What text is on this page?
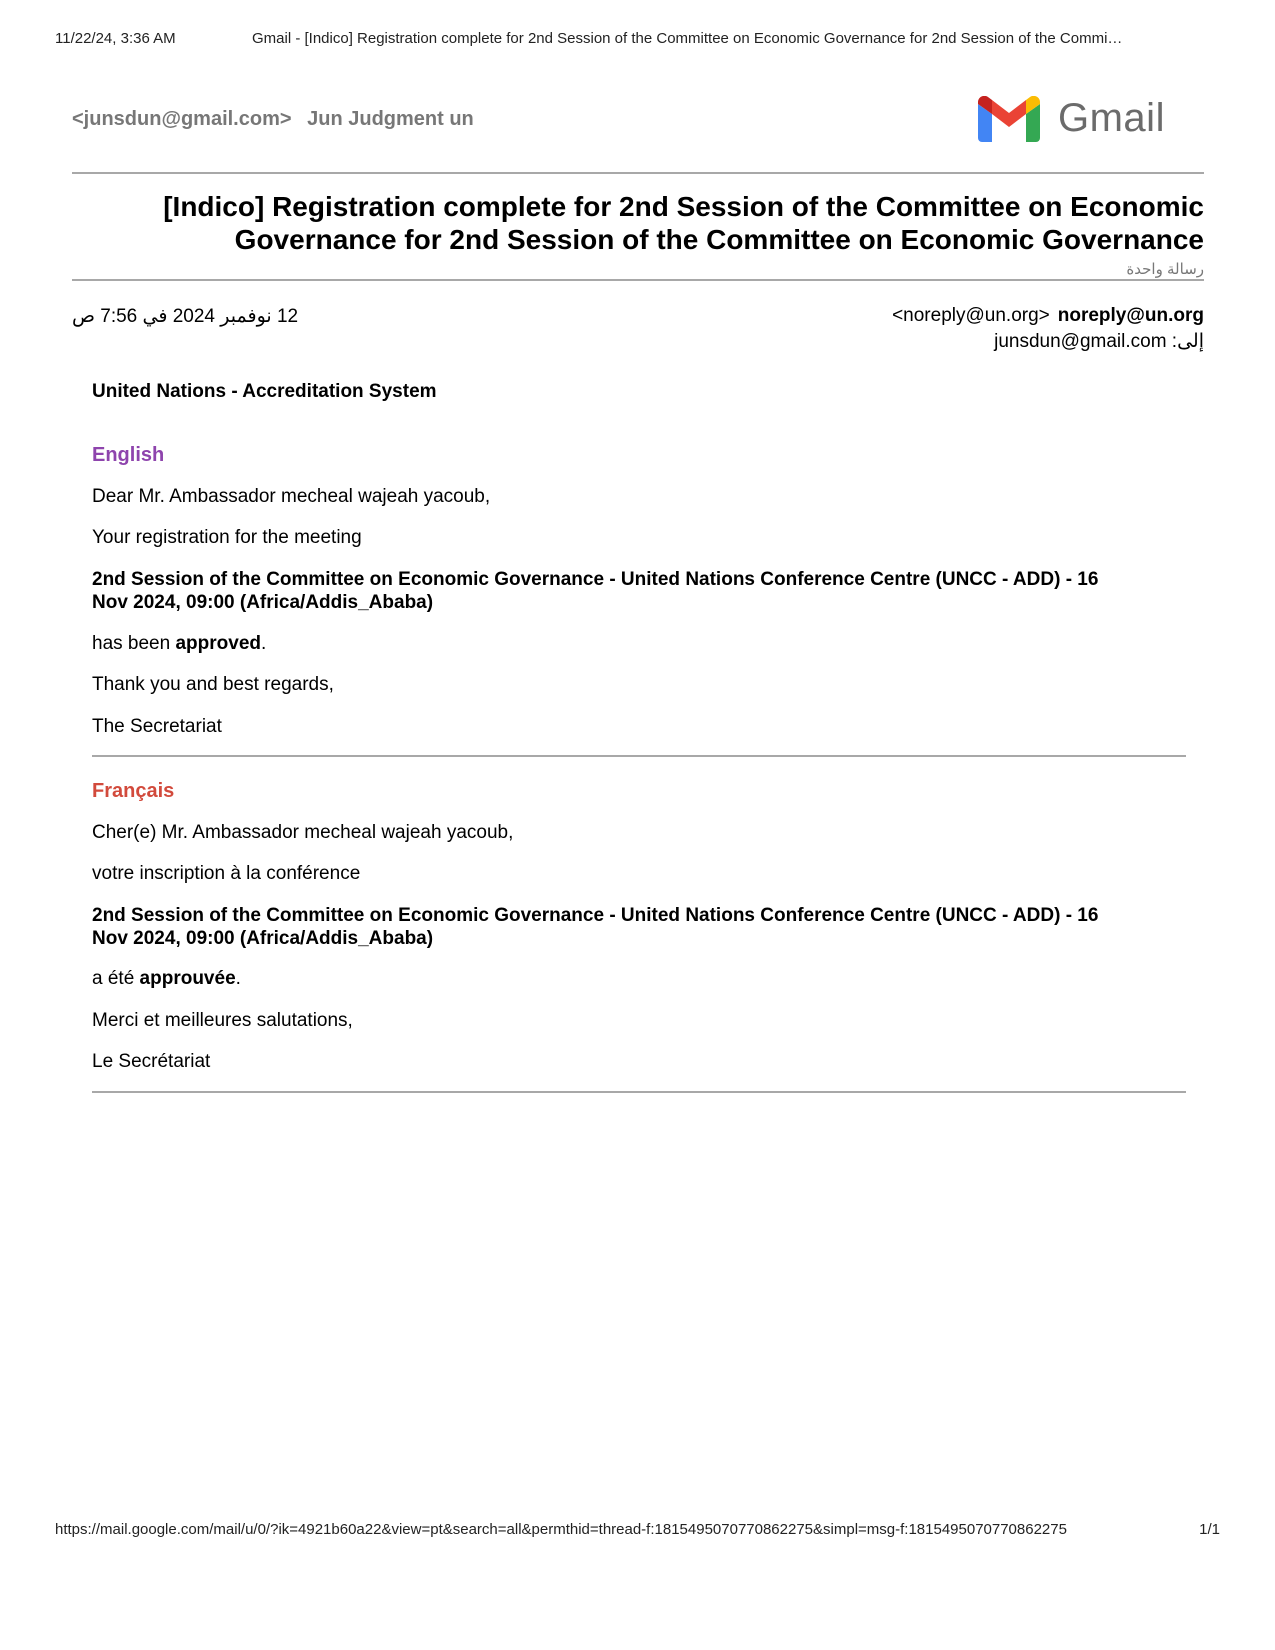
11/22/24, 3:36 AM	Gmail - [Indico] Registration complete for 2nd Session of the Committee on Economic Governance for 2nd Session of the Commi…
<junsdun@gmail.com> Jun Judgment un	Gmail
[Indico] Registration complete for 2nd Session of the Committee on Economic Governance for 2nd Session of the Committee on Economic Governance
رسالة واحدة
12 نوفمبر 2024 في 7:56 ص	<noreply@un.org> noreply@un.org
إلى: junsdun@gmail.com
United Nations - Accreditation System
English
Dear Mr. Ambassador mecheal wajeah yacoub,
Your registration for the meeting
2nd Session of the Committee on Economic Governance - United Nations Conference Centre (UNCC - ADD) - 16
Nov 2024, 09:00 (Africa/Addis_Ababa)
has been approved.
Thank you and best regards,
The Secretariat
Français
Cher(e) Mr. Ambassador mecheal wajeah yacoub,
votre inscription à la conférence
2nd Session of the Committee on Economic Governance - United Nations Conference Centre (UNCC - ADD) - 16
Nov 2024, 09:00 (Africa/Addis_Ababa)
a été approuvée.
Merci et meilleures salutations,
Le Secrétariat
https://mail.google.com/mail/u/0/?ik=4921b60a22&view=pt&search=all&permthid=thread-f:1815495070770862275&simpl=msg-f:1815495070770862275	1/1
